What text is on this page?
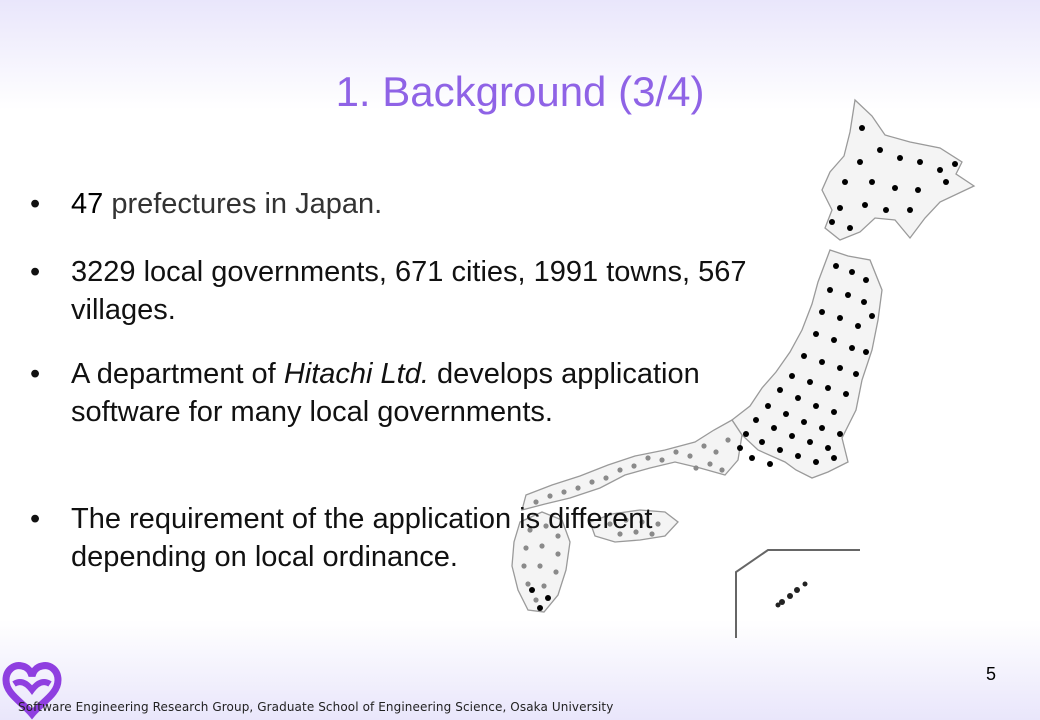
1. Background (3/4)
•	47 prefectures in Japan.
•	3229 local governments, 671 cities, 1991 towns, 567 villages.
•	A department of Hitachi Ltd. develops application software for many local governments.
•	The requirement of the application is different depending on local ordinance.
Software Engineering Research Group, Graduate School of Engineering Science, Osaka University
5
